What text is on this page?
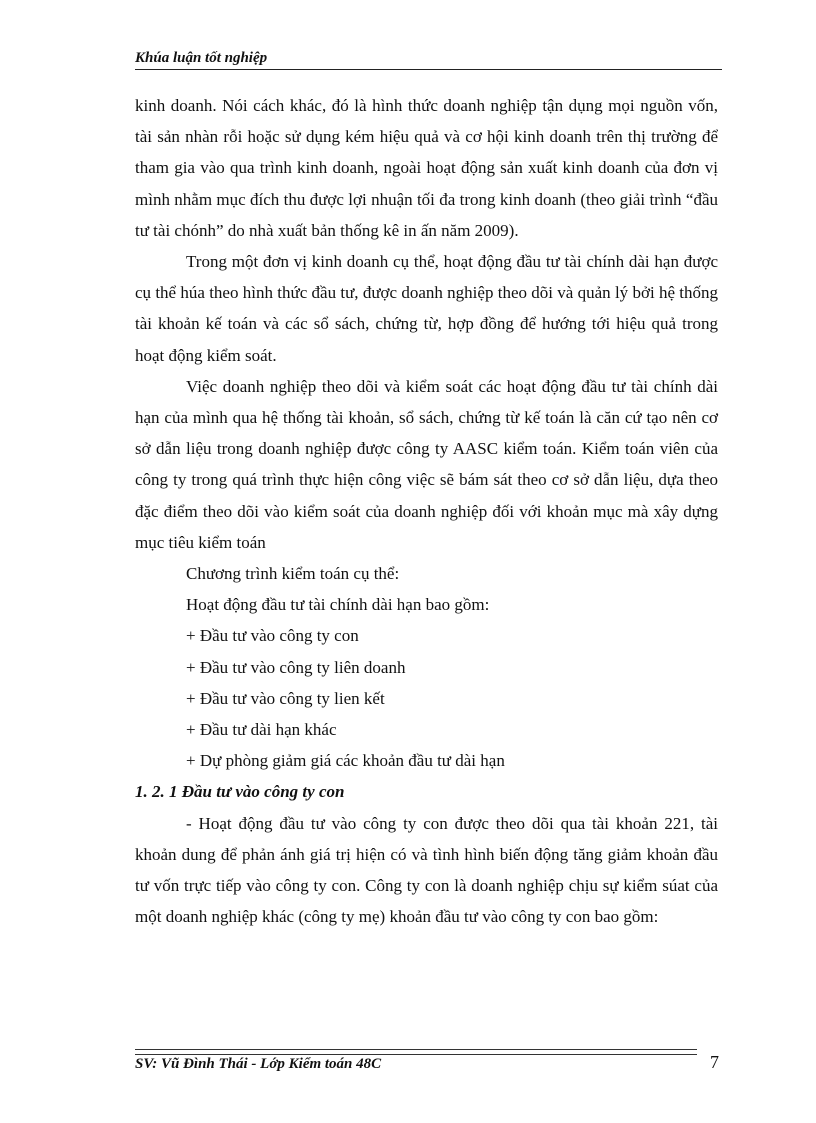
Khúa luận tốt nghiệp

kinh doanh. Nói cách khác, đó là hình thức doanh nghiệp tận dụng mọi nguồn vốn, tài sản nhàn rỗi hoặc sử dụng kém hiệu quả và cơ hội kinh doanh trên thị trường để tham gia vào qua trình kinh doanh, ngoài hoạt động sản xuất kinh doanh của đơn vị mình nhằm mục đích thu được lợi nhuận tối đa trong kinh doanh (theo giải trình “đầu tư tài chónh” do nhà xuất bản thống kê in ấn năm 2009).

Trong một đơn vị kinh doanh cụ thể, hoạt động đầu tư tài chính dài hạn được cụ thể húa theo hình thức đầu tư, được doanh nghiệp theo dõi và quản lý bởi hệ thống tài khoản kế toán và các sổ sách, chứng từ, hợp đồng để hướng tới hiệu quả trong hoạt động kiểm soát.

Việc doanh nghiệp theo dõi và kiểm soát các hoạt động đầu tư tài chính dài hạn của mình qua hệ thống tài khoản, sổ sách, chứng từ kế toán là căn cứ tạo nên cơ sở dẫn liệu trong doanh nghiệp được công ty AASC kiểm toán. Kiểm toán viên của công ty trong quá trình thực hiện công việc sẽ bám sát theo cơ sở dẫn liệu, dựa theo đặc điểm theo dõi vào kiểm soát của doanh nghiệp đối với khoản mục mà xây dựng mục tiêu kiểm toán

Chương trình kiểm toán cụ thể:

Hoạt động đầu tư tài chính dài hạn bao gồm:

+ Đầu tư vào công ty con

+ Đầu tư vào công ty liên doanh

+ Đầu tư vào công ty lien kết

+ Đầu tư dài hạn khác

+ Dự phòng giảm giá các khoản đầu tư dài hạn

1. 2. 1 Đầu tư vào công ty con

- Hoạt động đầu tư vào công ty con được theo dõi qua tài khoản 221, tài khoản dung để phản ánh giá trị hiện có và tình hình biến động tăng giảm khoản đầu tư vốn trực tiếp vào công ty con. Công ty con là doanh nghiệp chịu sự kiểm súat của một doanh nghiệp khác (công ty mẹ) khoản đầu tư vào công ty con bao gồm:

SV: Vũ Đình Thái - Lớp Kiểm toán 48C	7
